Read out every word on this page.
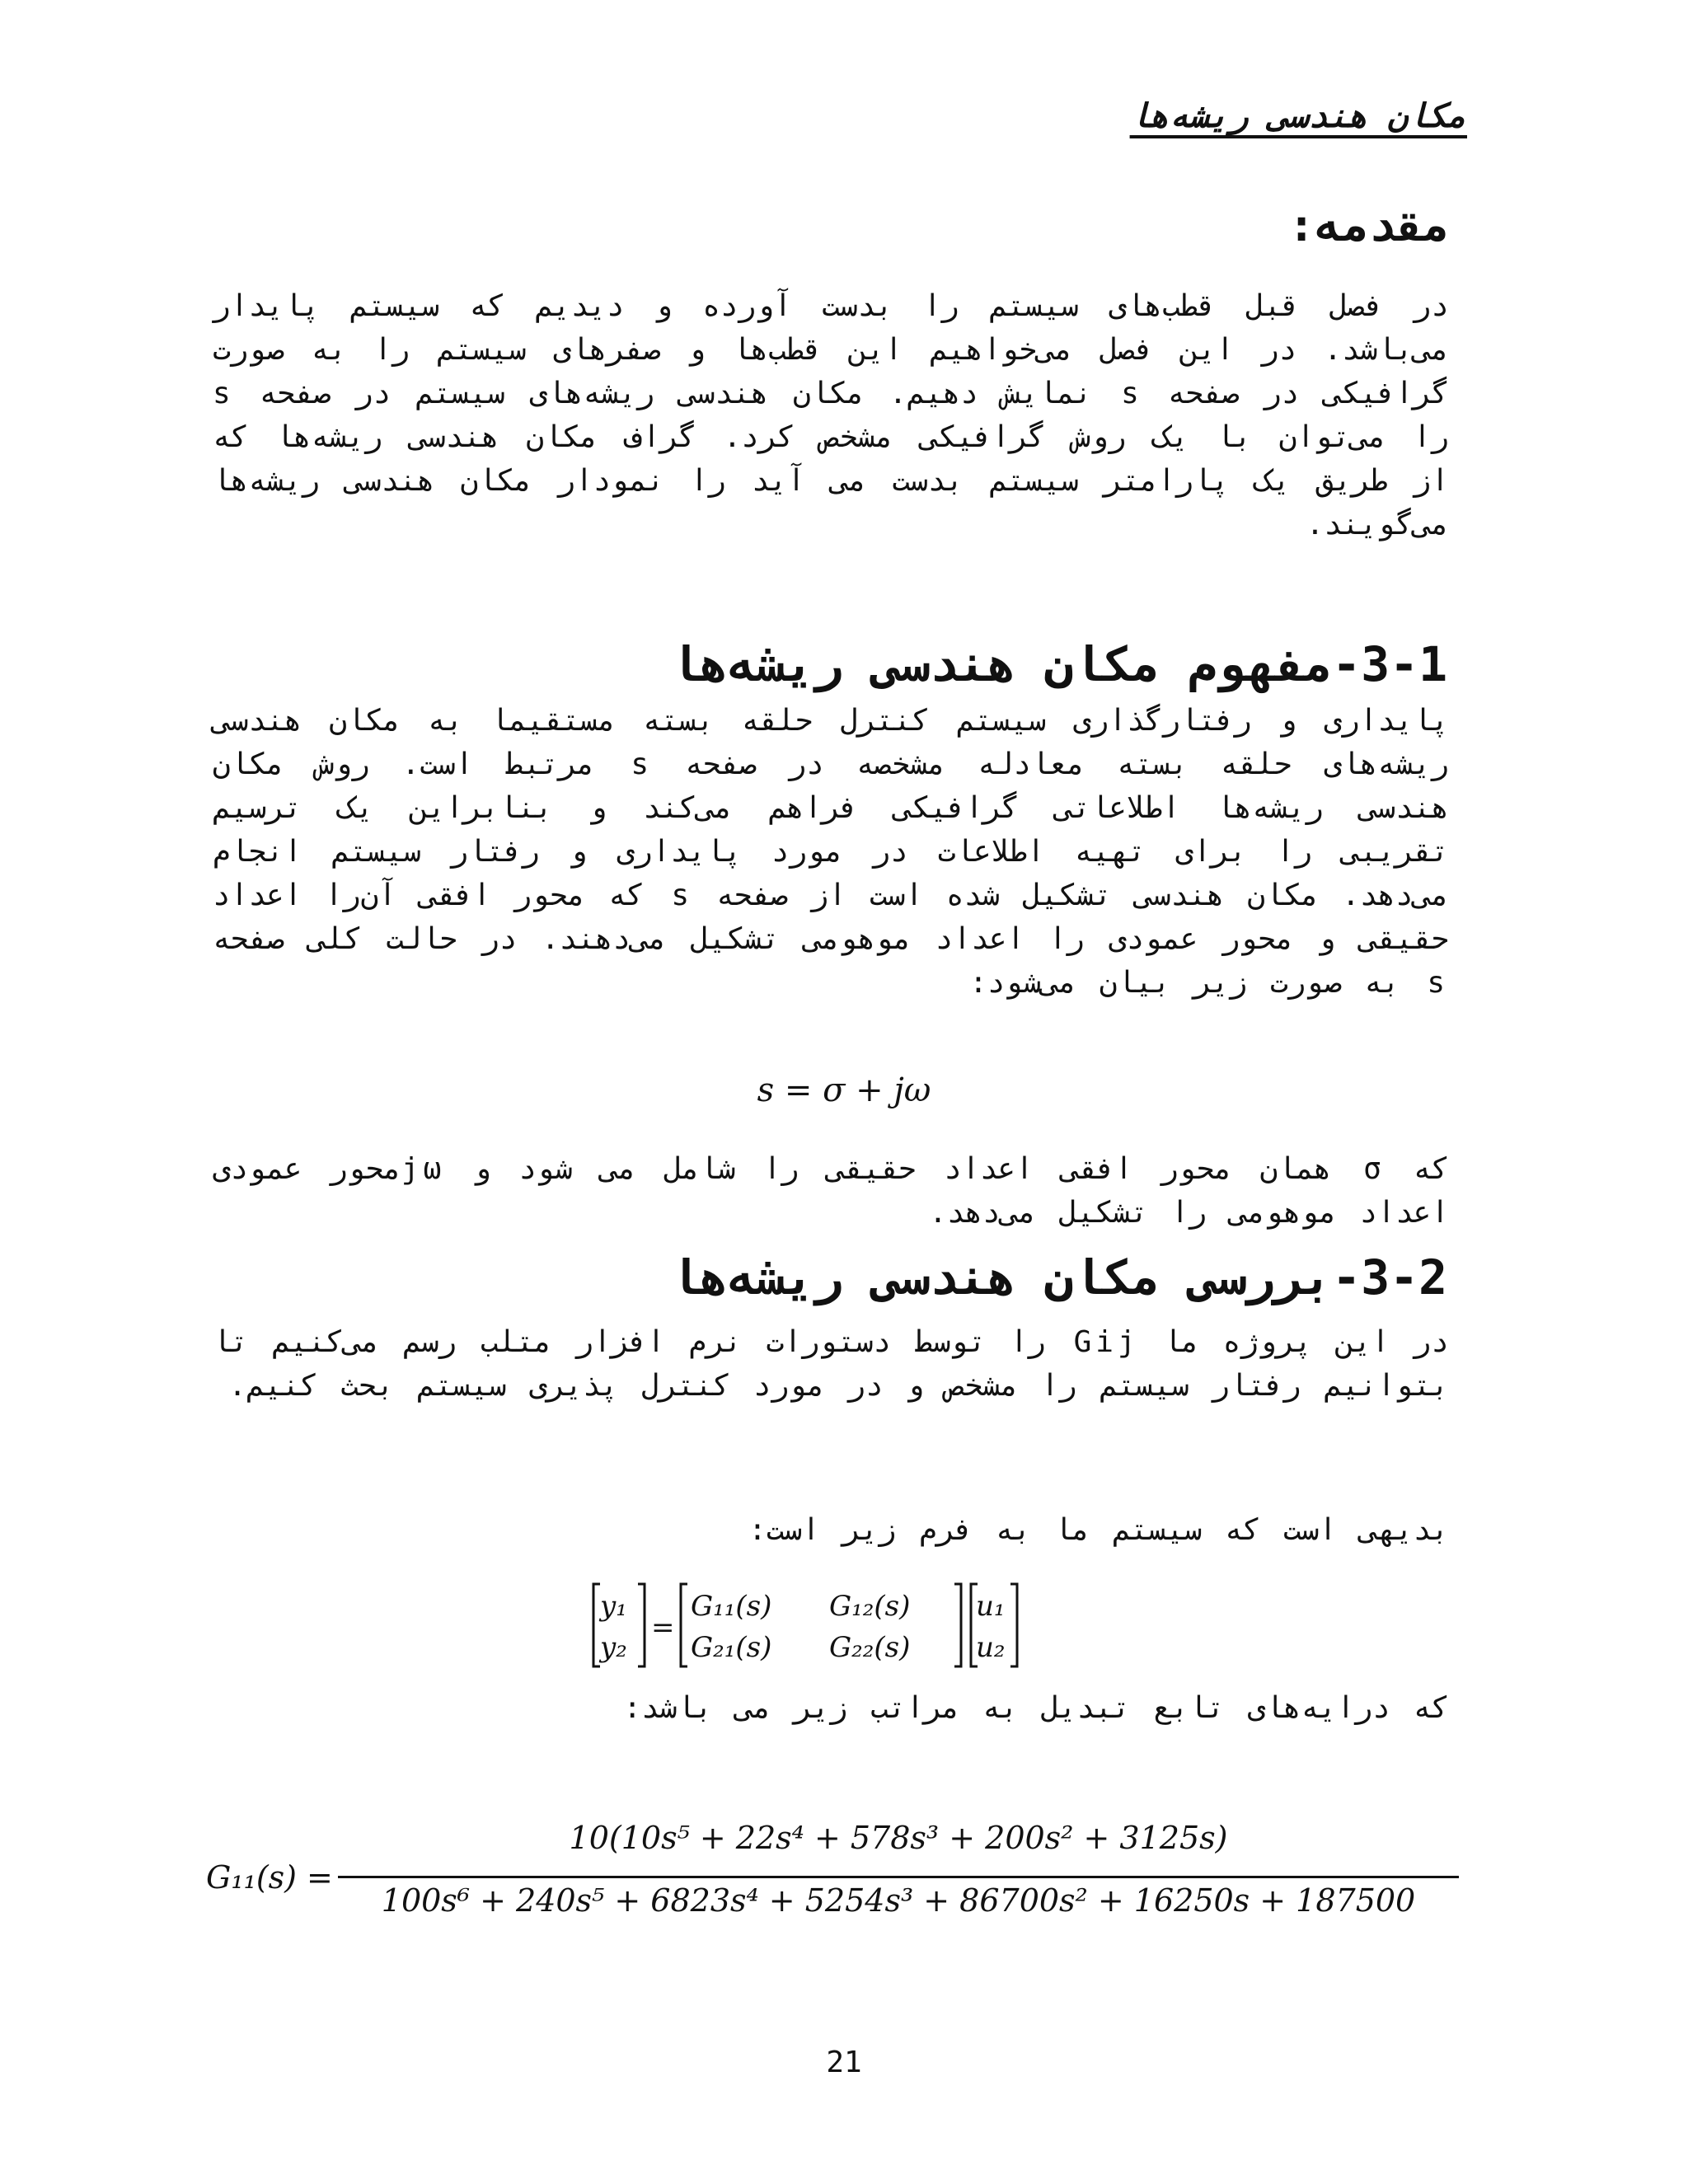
مکان هندسی ریشه‌ها
مقدمه:

در فصل قبل قطب‌های سیستم را بدست آورده و دیدیم که سیستم پایدار می‌باشد. در این فصل می‌خواهیم این قطب‌ها و صفرهای سیستم را به صورت گرافیکی در صفحه s نمایش دهیم. مکان هندسی ریشه‌های سیستم در صفحه s را می‌توان با یک روش گرافیکی مشخص کرد. گراف مکان هندسی ریشه‌ها که از طریق یک پارامتر سیستم بدست می آید را نمودار مکان هندسی ریشه‌ها می‌گویند.

3-1-مفهوم مکان هندسی ریشه‌ها

پایداری و رفتارگذاری سیستم کنترل حلقه بسته مستقیما به مکان هندسی ریشه‌های حلقه بسته معادله مشخصه در صفحه s مرتبط است. روش مکان هندسی ریشه‌ها اطلاعاتی گرافیکی فراهم می‌کند و بنابراین یک ترسیم تقریبی را برای تهیه اطلاعات در مورد پایداری و رفتار سیستم انجام می‌دهد. مکان هندسی تشکیل شده است از صفحه s که محور افقی آن‌را اعداد حقیقی و محور عمودی را اعداد موهومی تشکیل می‌دهند. در حالت کلی صفحه s به صورت زیر بیان می‌شود:

s = σ + jω

که σ همان محور افقی اعداد حقیقی را شامل می شود و jωمحور عمودی اعداد موهومی را تشکیل می‌دهد.

3-2-بررسی مکان هندسی ریشه‌ها

در این پروژه ما Gij را توسط دستورات نرم افزار متلب رسم می‌کنیم تا بتوانیم رفتار سیستم را مشخص و در مورد کنترل پذیری سیستم بحث کنیم.

بدیهی است که سیستم ما به فرم زیر است:

y₁
y₂
=
G₁₁(s) G₁₂(s)
G₂₁(s) G₂₂(s)
u₁
u₂

که درایه‌های تابع تبدیل به مراتب زیر می باشد:

G₁₁(s) =
10(10s⁵ + 22s⁴ + 578s³ + 200s² + 3125s)
100s⁶ + 240s⁵ + 6823s⁴ + 5254s³ + 86700s² + 16250s + 187500
21
